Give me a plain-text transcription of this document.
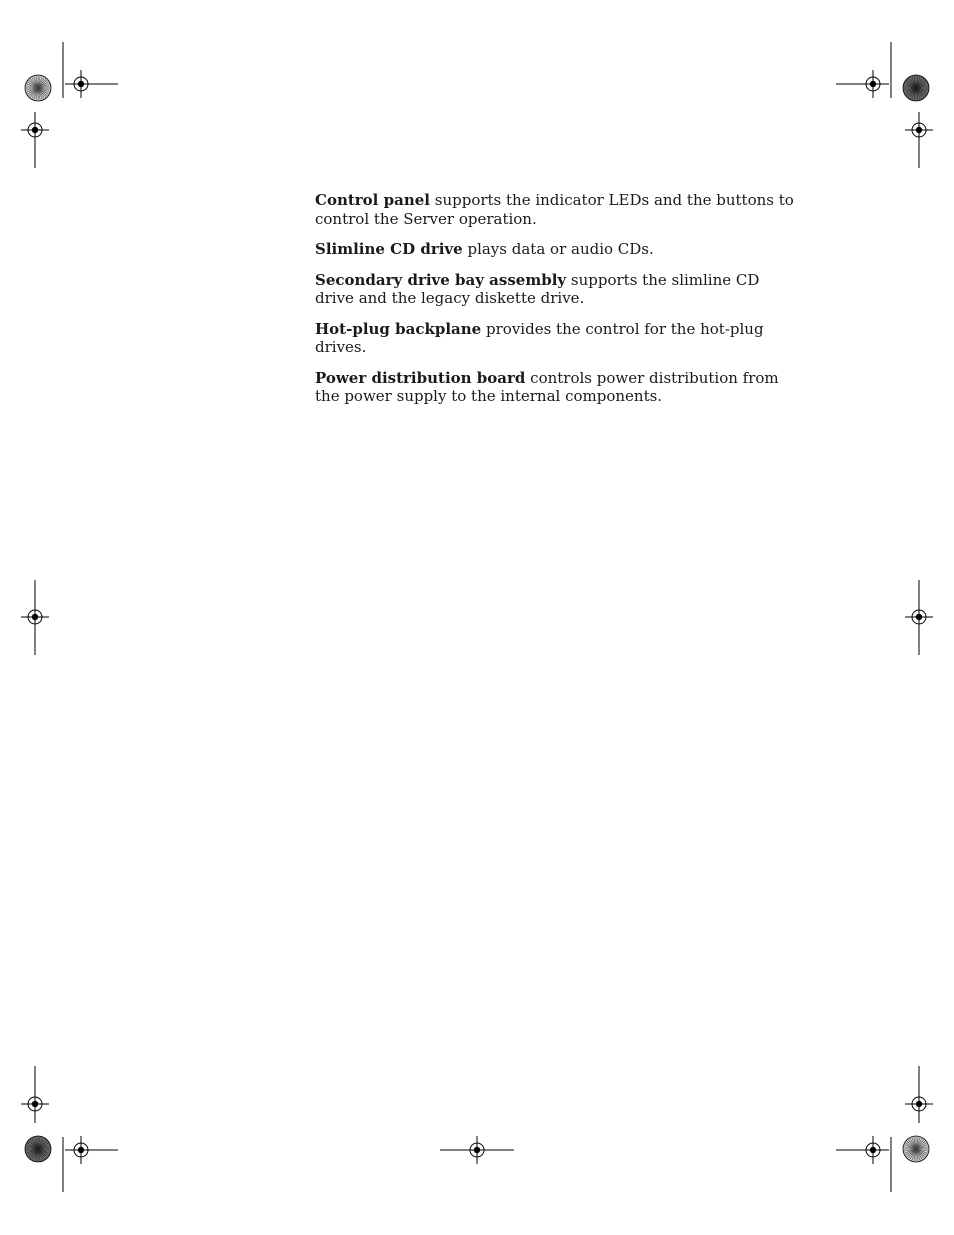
Control panel supports the indicator LEDs and the buttons to control the Server operation.

Slimline CD drive plays data or audio CDs.

Secondary drive bay assembly supports the slimline CD drive and the legacy diskette drive.

Hot-plug backplane provides the control for the hot-plug drives.

Power distribution board controls power distribution from the power supply to the internal components.
